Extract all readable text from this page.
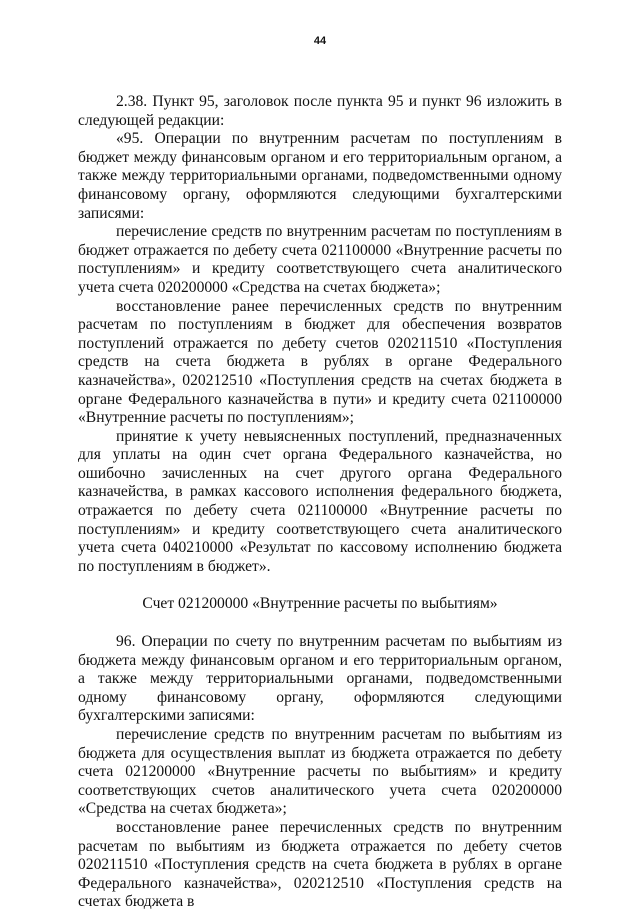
44

2.38. Пункт 95, заголовок после пункта 95 и пункт 96 изложить в следующей редакции:

«95. Операции по внутренним расчетам по поступлениям в бюджет между финансовым органом и его территориальным органом, а также между территориальными органами, подведомственными одному финансовому органу, оформляются следующими бухгалтерскими записями:

перечисление средств по внутренним расчетам по поступлениям в бюджет отражается по дебету счета 021100000 «Внутренние расчеты по поступлениям» и кредиту соответствующего счета аналитического учета счета 020200000 «Средства на счетах бюджета»;

восстановление ранее перечисленных средств по внутренним расчетам по поступлениям в бюджет для обеспечения возвратов поступлений отражается по дебету счетов 020211510 «Поступления средств на счета бюджета в рублях в органе Федерального казначейства», 020212510 «Поступления средств на счетах бюджета в органе Федерального казначейства в пути» и кредиту счета 021100000 «Внутренние расчеты по поступлениям»;

принятие к учету невыясненных поступлений, предназначенных для уплаты на один счет органа Федерального казначейства, но ошибочно зачисленных на счет другого органа Федерального казначейства, в рамках кассового исполнения федерального бюджета, отражается по дебету счета 021100000 «Внутренние расчеты по поступлениям» и кредиту соответствующего счета аналитического учета счета 040210000 «Результат по кассовому исполнению бюджета по поступлениям в бюджет».

Счет 021200000 «Внутренние расчеты по выбытиям»

96. Операции по счету по внутренним расчетам по выбытиям из бюджета между финансовым органом и его территориальным органом, а также между территориальными органами, подведомственными одному финансовому органу, оформляются следующими бухгалтерскими записями:

перечисление средств по внутренним расчетам по выбытиям из бюджета для осуществления выплат из бюджета отражается по дебету счета 021200000 «Внутренние расчеты по выбытиям» и кредиту соответствующих счетов аналитического учета счета 020200000 «Средства на счетах бюджета»;

восстановление ранее перечисленных средств по внутренним расчетам по выбытиям из бюджета отражается по дебету счетов 020211510 «Поступления средств на счета бюджета в рублях в органе Федерального казначейства», 020212510 «Поступления средств на счетах бюджета в
